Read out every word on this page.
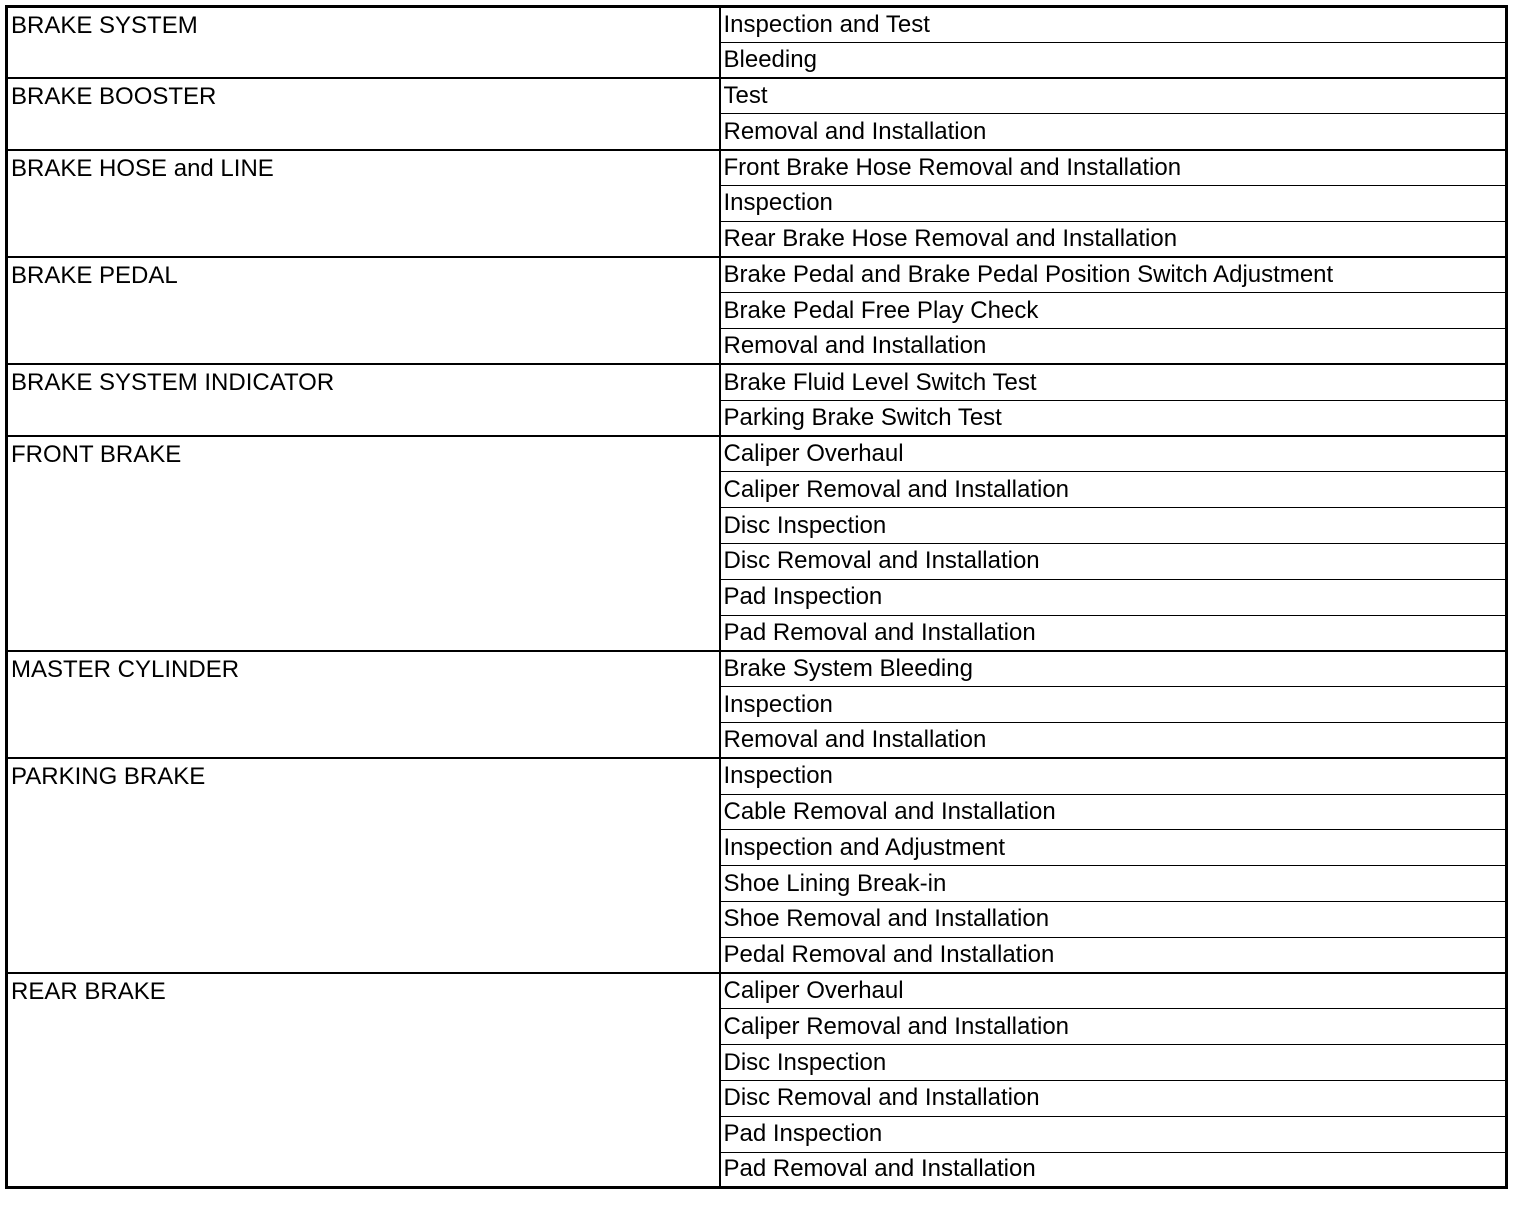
BRAKE SYSTEM	Inspection and Test
	Bleeding
BRAKE BOOSTER	Test
	Removal and Installation
BRAKE HOSE and LINE	Front Brake Hose Removal and Installation
	Inspection
	Rear Brake Hose Removal and Installation
BRAKE PEDAL	Brake Pedal and Brake Pedal Position Switch Adjustment
	Brake Pedal Free Play Check
	Removal and Installation
BRAKE SYSTEM INDICATOR	Brake Fluid Level Switch Test
	Parking Brake Switch Test
FRONT BRAKE	Caliper Overhaul
	Caliper Removal and Installation
	Disc Inspection
	Disc Removal and Installation
	Pad Inspection
	Pad Removal and Installation
MASTER CYLINDER	Brake System Bleeding
	Inspection
	Removal and Installation
PARKING BRAKE	Inspection
	Cable Removal and Installation
	Inspection and Adjustment
	Shoe Lining Break-in
	Shoe Removal and Installation
	Pedal Removal and Installation
REAR BRAKE	Caliper Overhaul
	Caliper Removal and Installation
	Disc Inspection
	Disc Removal and Installation
	Pad Inspection
	Pad Removal and Installation
